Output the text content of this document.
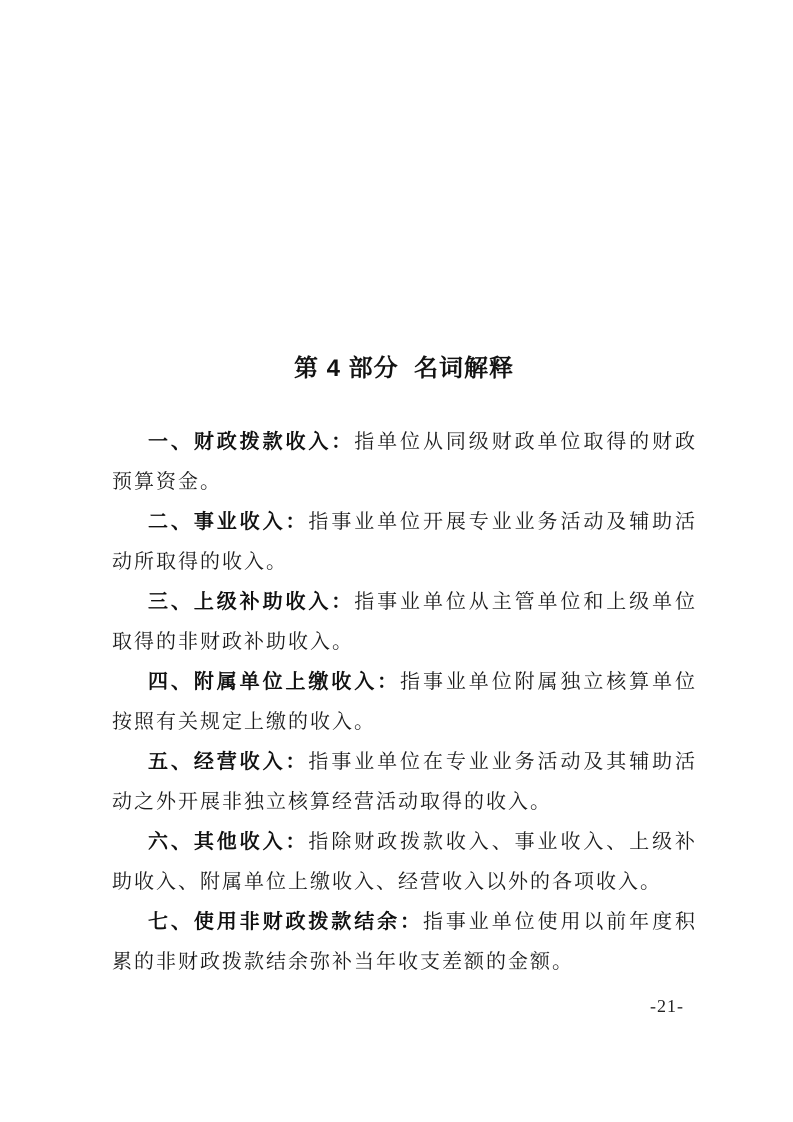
第 4 部分  名词解释

一、财政拨款收入：指单位从同级财政单位取得的财政预算资金。

二、事业收入：指事业单位开展专业业务活动及辅助活动所取得的收入。

三、上级补助收入：指事业单位从主管单位和上级单位取得的非财政补助收入。

四、附属单位上缴收入：指事业单位附属独立核算单位按照有关规定上缴的收入。

五、经营收入：指事业单位在专业业务活动及其辅助活动之外开展非独立核算经营活动取得的收入。

六、其他收入：指除财政拨款收入、事业收入、上级补助收入、附属单位上缴收入、经营收入以外的各项收入。

七、使用非财政拨款结余：指事业单位使用以前年度积累的非财政拨款结余弥补当年收支差额的金额。

-21-
